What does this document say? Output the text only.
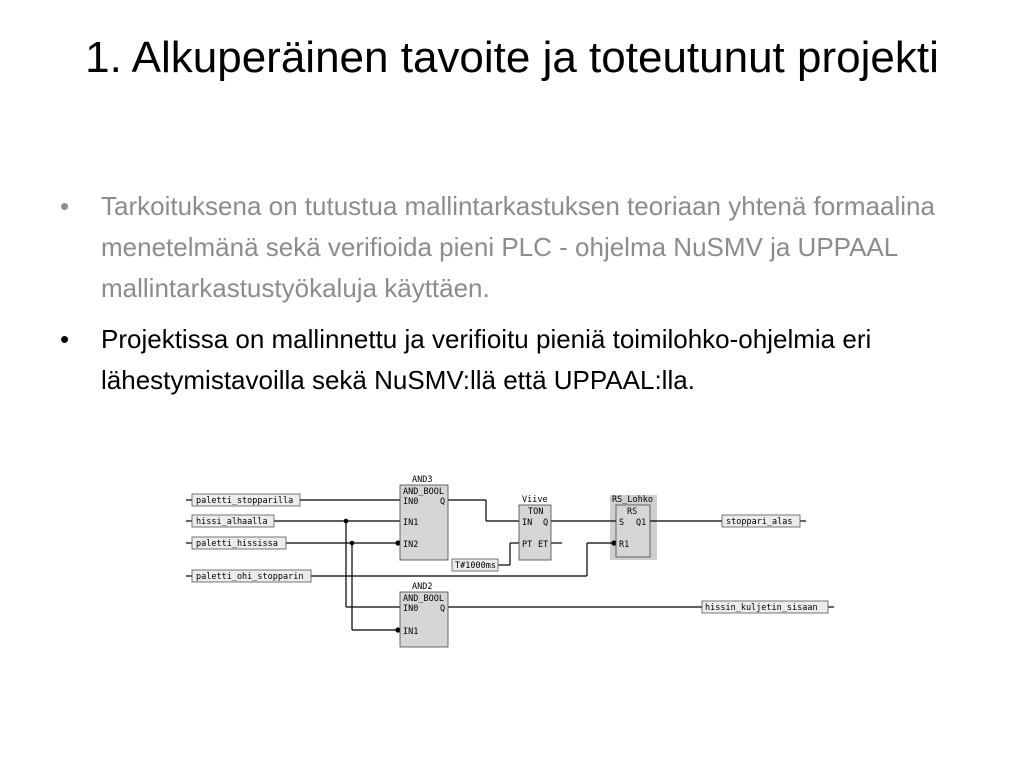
1. Alkuperäinen tavoite ja toteutunut projekti
•	Tarkoituksena on tutustua mallintarkastuksen teoriaan yhtenä formaalina menetelmänä sekä verifioida pieni PLC - ohjelma NuSMV ja UPPAAL mallintarkastustyökaluja käyttäen.
•	Projektissa on mallinnettu ja verifioitu pieniä toimilohko-ohjelmia eri lähestymistavoilla sekä NuSMV:llä että UPPAAL:lla.
paletti_stopparilla
hissi_alhaalla
paletti_hississa
paletti_ohi_stopparin
AND3
AND_BOOL
IN0	Q
IN1
IN2
AND2
AND_BOOL
IN0	Q
IN1
Viive
TON
IN Q
PT ET
T#1000ms
RS_Lohko
RS
S Q1
R1
stoppari_alas
hissin_kuljetin_sisaan
